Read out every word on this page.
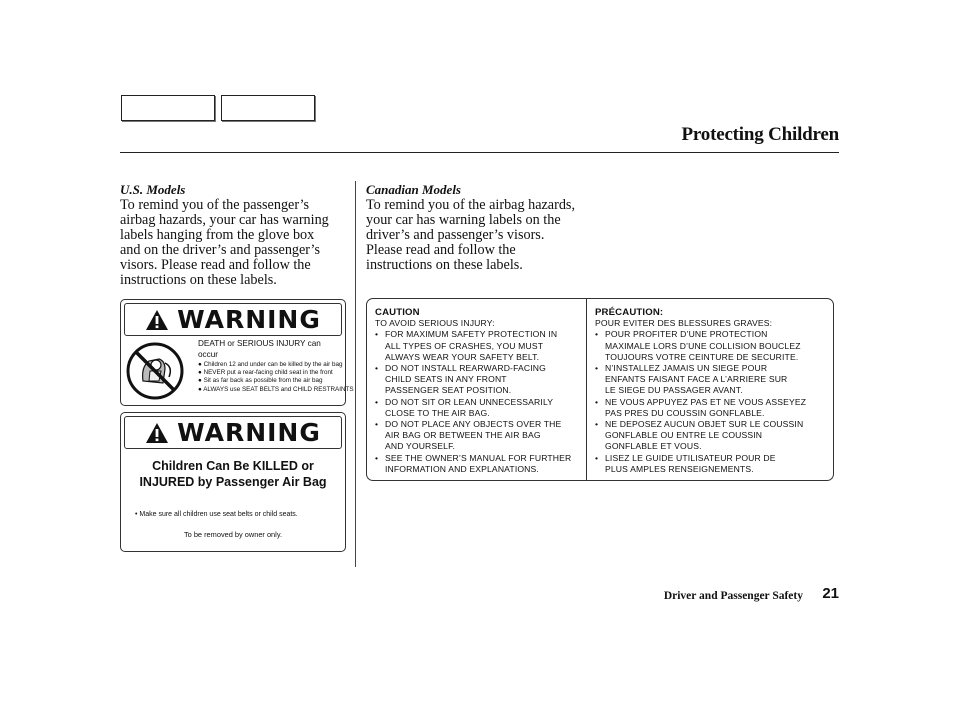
Protecting Children
U.S. Models
To remind you of the passenger’s
airbag hazards, your car has warning
labels hanging from the glove box
and on the driver’s and passenger’s
visors. Please read and follow the
instructions on these labels.
Canadian Models
To remind you of the airbag hazards,
your car has warning labels on the
driver’s and passenger’s visors.
Please read and follow the
instructions on these labels.
WARNING
DEATH or SERIOUS INJURY can occur
● Children 12 and under can be killed by the air bag
● NEVER put a rear-facing child seat in the front
● Sit as far back as possible from the air bag
● ALWAYS use SEAT BELTS and CHILD RESTRAINTS
WARNING
Children Can Be KILLED or
INJURED by Passenger Air Bag
• Make sure all children use seat belts or child seats.
To be removed by owner only.
CAUTION
TO AVOID SERIOUS INJURY:
• FOR MAXIMUM SAFETY PROTECTION IN
ALL TYPES OF CRASHES, YOU MUST
ALWAYS WEAR YOUR SAFETY BELT.
• DO NOT INSTALL REARWARD-FACING
CHILD SEATS IN ANY FRONT
PASSENGER SEAT POSITION.
• DO NOT SIT OR LEAN UNNECESSARILY
CLOSE TO THE AIR BAG.
• DO NOT PLACE ANY OBJECTS OVER THE
AIR BAG OR BETWEEN THE AIR BAG
AND YOURSELF.
• SEE THE OWNER’S MANUAL FOR FURTHER
INFORMATION AND EXPLANATIONS.
PRÉCAUTION:
POUR EVITER DES BLESSURES GRAVES:
• POUR PROFITER D’UNE PROTECTION
MAXIMALE LORS D’UNE COLLISION BOUCLEZ
TOUJOURS VOTRE CEINTURE DE SECURITE.
• N’INSTALLEZ JAMAIS UN SIEGE POUR
ENFANTS FAISANT FACE A L’ARRIERE SUR
LE SIEGE DU PASSAGER AVANT.
• NE VOUS APPUYEZ PAS ET NE VOUS ASSEYEZ
PAS PRES DU COUSSIN GONFLABLE.
• NE DEPOSEZ AUCUN OBJET SUR LE COUSSIN
GONFLABLE OU ENTRE LE COUSSIN
GONFLABLE ET VOUS.
• LISEZ LE GUIDE UTILISATEUR POUR DE
PLUS AMPLES RENSEIGNEMENTS.
Driver and Passenger Safety 21
